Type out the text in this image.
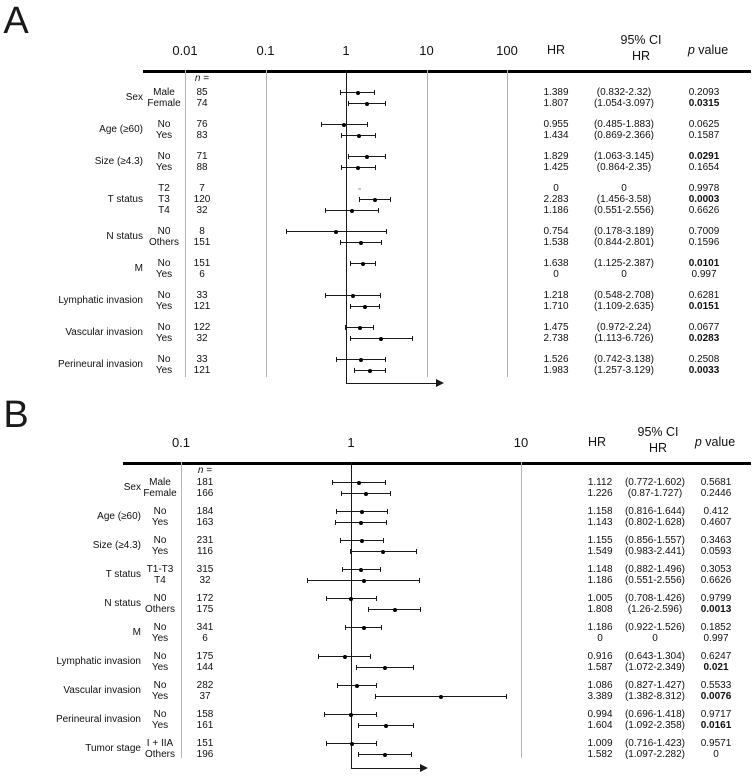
A
0.01	0.1	1	10	100	HR
95% CI
HR	p value
n =
Sex	Male	85	1.389	(0.832-2.32)	0.2093
Female	74	1.807	(1.054-3.097)	0.0315
Age (≥60)	No	76	0.955	(0.485-1.883)	0.0625
Yes	83	1.434	(0.869-2.366)	0.1587
Size (≥4.3)	No	71	1.829	(1.063-3.145)	0.0291
Yes	88	1.425	(0.864-2.35)	0.1654
T status
T2	7	0	0	0.9978
T3	120	2.283	(1.456-3.58)	0.0003
T4	32	1.186	(0.551-2.556)	0.6626
N status	N0	8	0.754	(0.178-3.189)	0.7009
Others	151	1.538	(0.844-2.801)	0.1596
M	No	151	1.638	(1.125-2.387)	0.0101
Yes	6	0	0	0.997
Lymphatic invasion	No	33	1.218	(0.548-2.708)	0.6281
Yes	121	1.710	(1.109-2.635)	0.0151
Vascular invasion	No	122	1.475	(0.972-2.24)	0.0677
Yes	32	2.738	(1.113-6.726)	0.0283
Perineural invasion	No	33	1.526	(0.742-3.138)	0.2508
Yes	121	1.983	(1.257-3.129)	0.0033
B
0.1	1	10	HR
95% CI
HR	p value
n =
Sex Male	181	1.112	(0.772-1.602)	0.5681
Female	166	1.226	(0.87-1.727)	0.2446
Age (≥60)	No	184	1.158	(0.816-1.644)	0.412
Yes	163	1.143	(0.802-1.628)	0.4607
Size (≥4.3)	No	231	1.155	(0.856-1.557)	0.3463
Yes	116	1.549	(0.983-2.441)	0.0593
T status T1-T3	315	1.148	(0.882-1.496)	0.3053
T4	32	1.186	(0.551-2.556)	0.6626
N status	N0	172	1.005	(0.708-1.426)	0.9799
Others	175	1.808	(1.26-2.596)	0.0013
M	No	341	1.186	(0.922-1.526)	0.1852
Yes	6	0	0	0.997
Lymphatic invasion	No	175	0.916	(0.643-1.304)	0.6247
Yes	144	1.587	(1.072-2.349)	0.021
Vascular invasion	No	282	1.086	(0.827-1.427)	0.5533
Yes	37	3.389	(1.382-8.312)	0.0076
Perineural invasion	No	158	0.994	(0.696-1.418)	0.9717
Yes	161	1.604	(1.092-2.358)	0.0161
Tumor stage I + IIA	151	1.009	(0.716-1.423)	0.9571
Others	196	1.582	(1.097-2.282)	0
